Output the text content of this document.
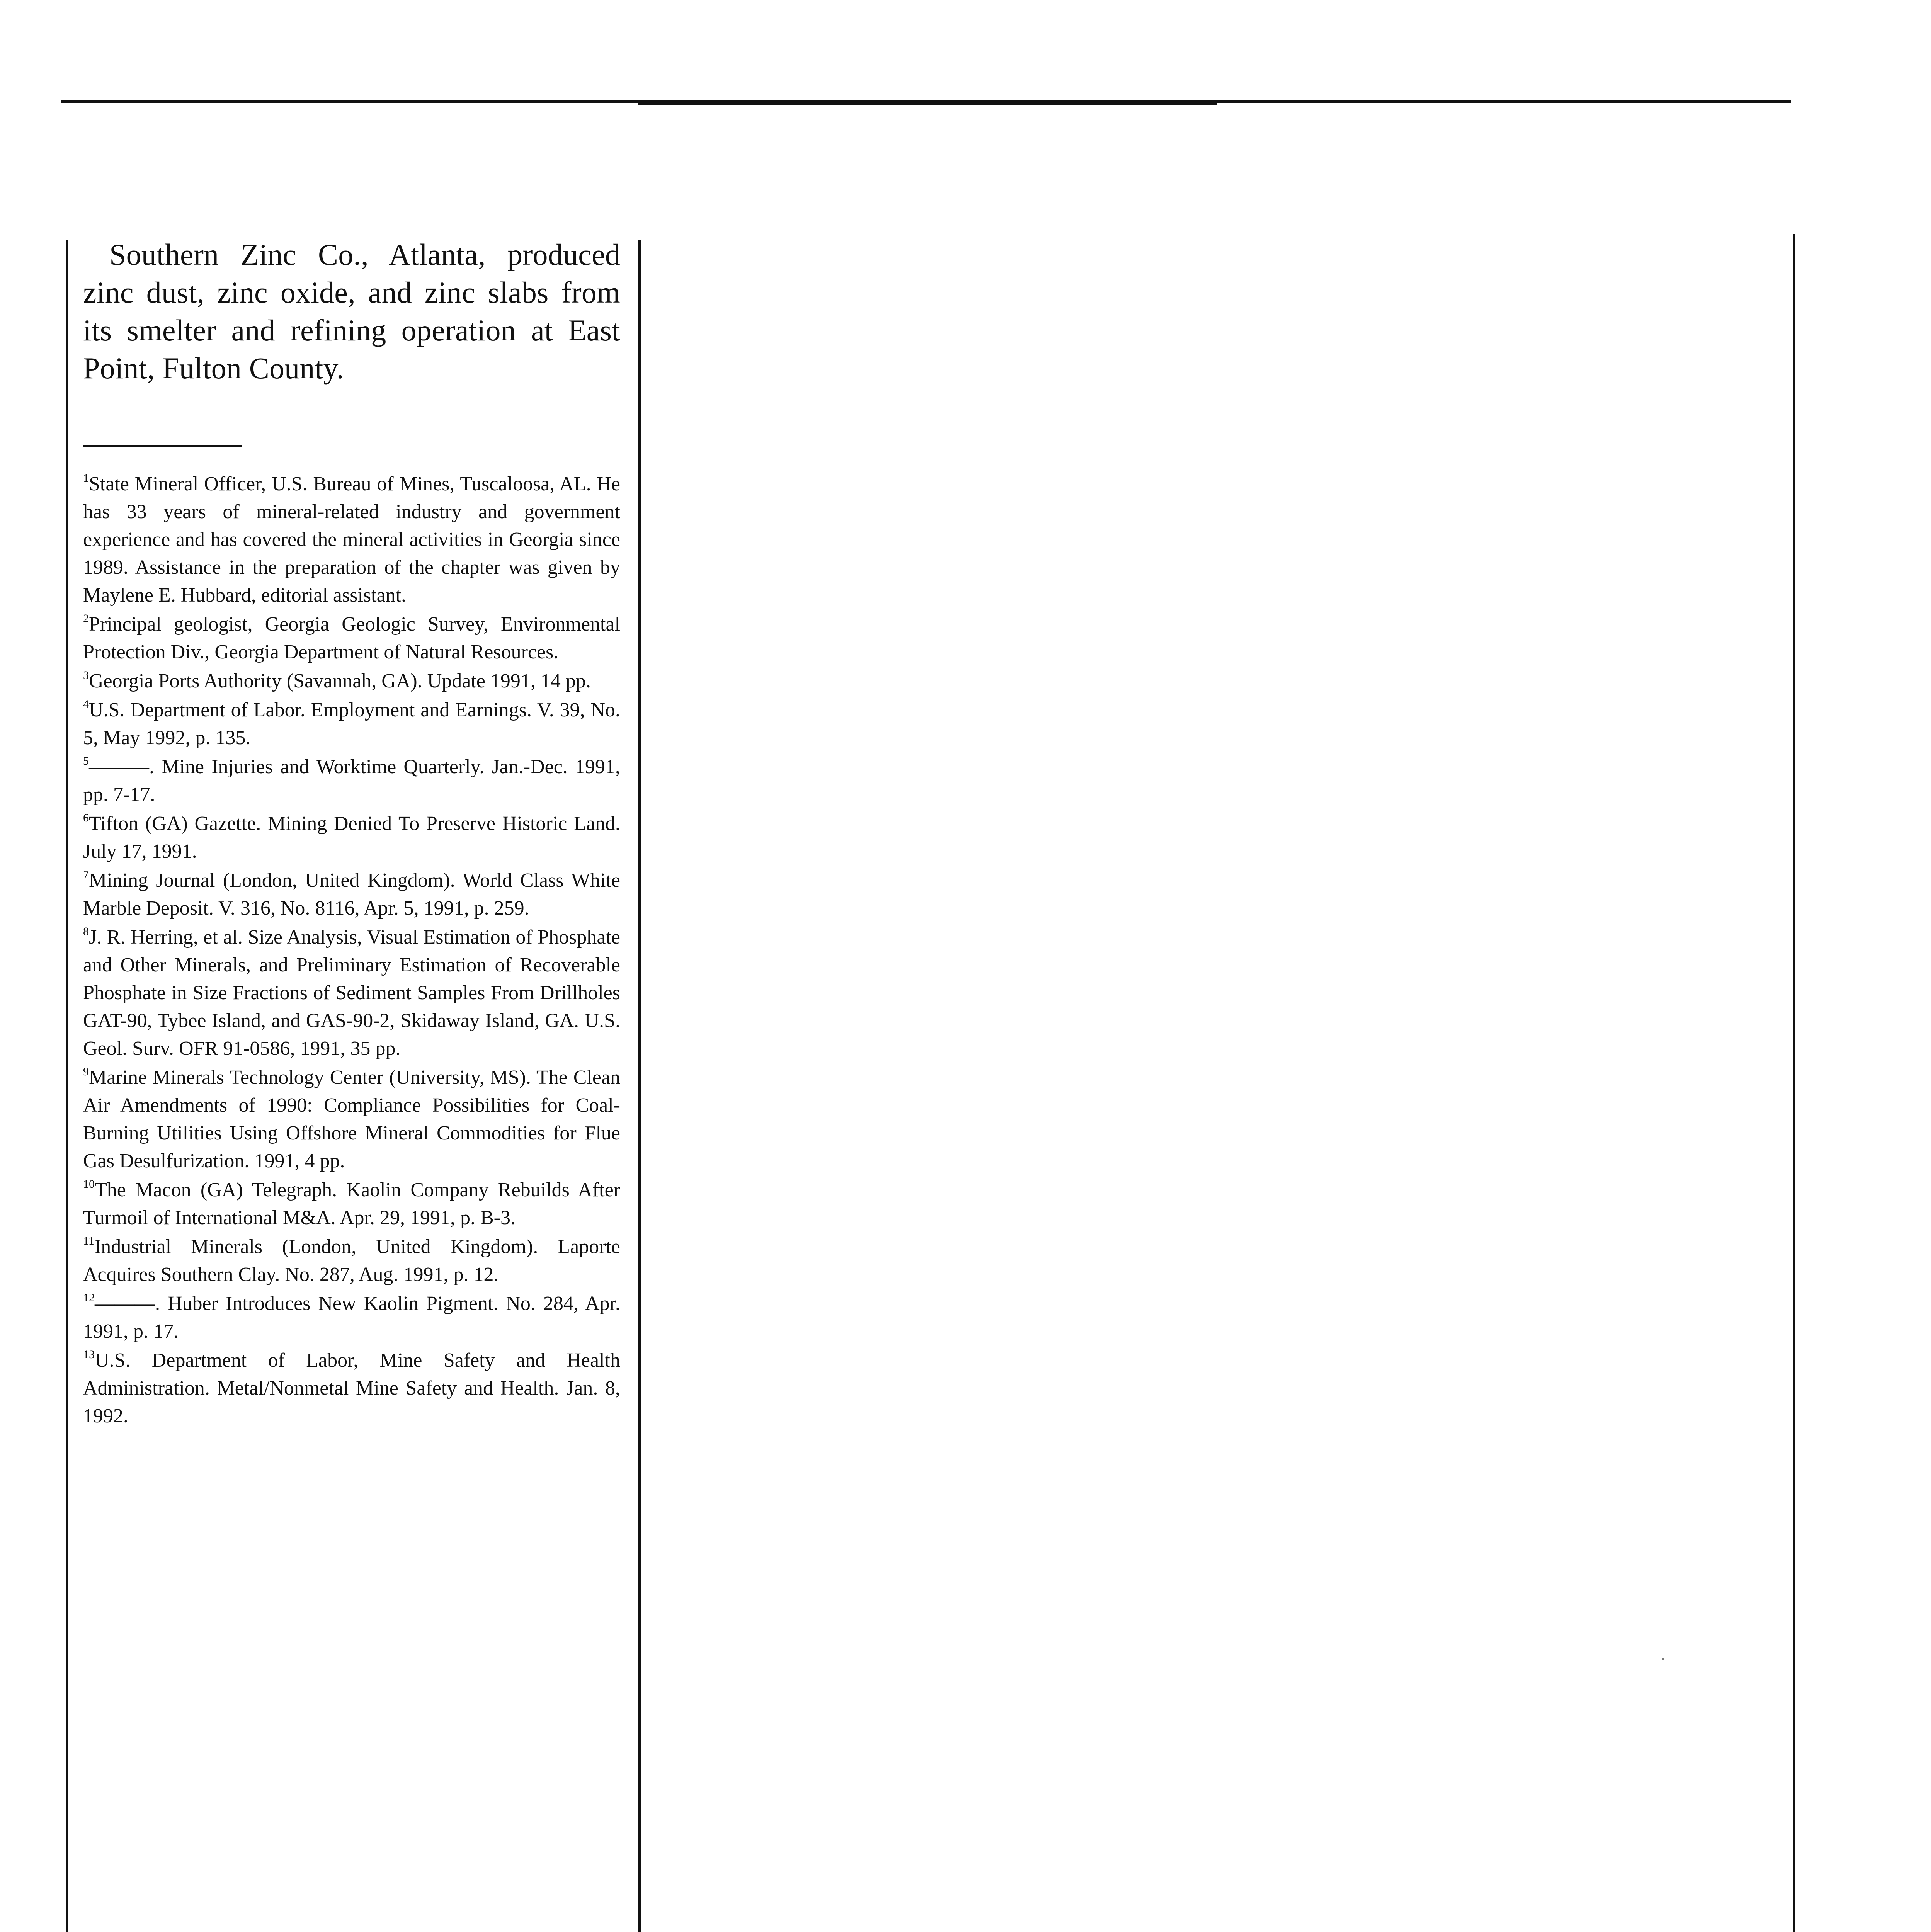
Southern Zinc Co., Atlanta, produced zinc dust, zinc oxide, and zinc slabs from its smelter and refining operation at East Point, Fulton County.

$^1$State Mineral Officer, U.S. Bureau of Mines, Tuscaloosa, AL. He has 33 years of mineral-related industry and government experience and has covered the mineral activities in Georgia since 1989. Assistance in the preparation of the chapter was given by Maylene E. Hubbard, editorial assistant.
$^2$Principal geologist, Georgia Geologic Survey, Environmental Protection Div., Georgia Department of Natural Resources.
$^3$Georgia Ports Authority (Savannah, GA). Update 1991, 14 pp.
$^4$U.S. Department of Labor. Employment and Earnings. V. 39, No. 5, May 1992, p. 135.
$^5$———. Mine Injuries and Worktime Quarterly. Jan.-Dec. 1991, pp. 7-17.
$^6$Tifton (GA) Gazette. Mining Denied To Preserve Historic Land. July 17, 1991.
$^7$Mining Journal (London, United Kingdom). World Class White Marble Deposit. V. 316, No. 8116, Apr. 5, 1991, p. 259.
$^8$J. R. Herring, et al. Size Analysis, Visual Estimation of Phosphate and Other Minerals, and Preliminary Estimation of Recoverable Phosphate in Size Fractions of Sediment Samples From Drillholes GAT-90, Tybee Island, and GAS-90-2, Skidaway Island, GA. U.S. Geol. Surv. OFR 91-0586, 1991, 35 pp.
$^9$Marine Minerals Technology Center (University, MS). The Clean Air Amendments of 1990: Compliance Possibilities for Coal-Burning Utilities Using Offshore Mineral Commodities for Flue Gas Desulfurization. 1991, 4 pp.
$^{10}$The Macon (GA) Telegraph. Kaolin Company Rebuilds After Turmoil of International M&A. Apr. 29, 1991, p. B-3.
$^{11}$Industrial Minerals (London, United Kingdom). Laporte Acquires Southern Clay. No. 287, Aug. 1991, p. 12.
$^{12}$———. Huber Introduces New Kaolin Pigment. No. 284, Apr. 1991, p. 17.
$^{13}$U.S. Department of Labor, Mine Safety and Health Administration. Metal/Nonmetal Mine Safety and Health. Jan. 8, 1992.
